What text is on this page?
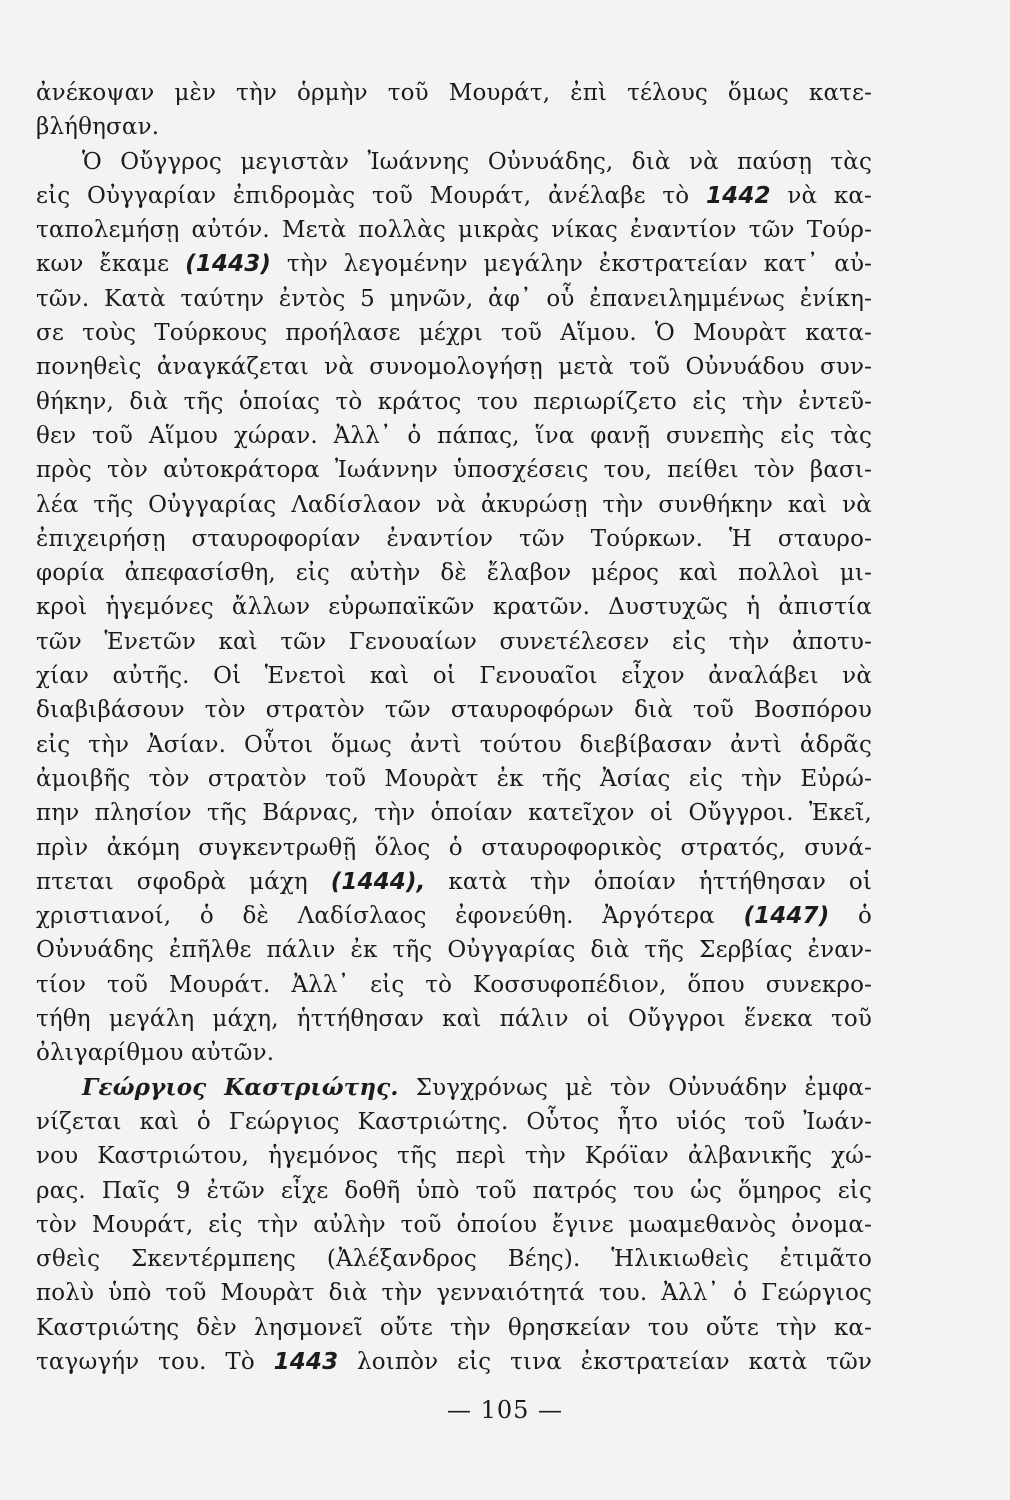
ἀνέκοψαν μὲν τὴν ὁρμὴν τοῦ Μουράτ, ἐπὶ τέλους ὅμως κατε-
βλήθησαν.
Ὁ Οὔγγρος μεγιστὰν Ἰωάννης Οὐνυάδης, διὰ νὰ παύσῃ τὰς
εἰς Οὐγγαρίαν ἐπιδρομὰς τοῦ Μουράτ, ἀνέλαβε τὸ 1442 νὰ κα-
ταπολεμήσῃ αὐτόν. Μετὰ πολλὰς μικρὰς νίκας ἐναντίον τῶν Τούρ-
κων ἔκαμε (1443) τὴν λεγομένην μεγάλην ἐκστρατείαν κατ᾽ αὐ-
τῶν. Κατὰ ταύτην ἐντὸς 5 μηνῶν, ἀφ᾽ οὗ ἐπανειλημμένως ἐνίκη-
σε τοὺς Τούρκους προήλασε μέχρι τοῦ Αἵμου. Ὁ Μουρὰτ κατα-
πονηθεὶς ἀναγκάζεται νὰ συνομολογήσῃ μετὰ τοῦ Οὐνυάδου συν-
θήκην, διὰ τῆς ὁποίας τὸ κράτος του περιωρίζετο εἰς τὴν ἐντεῦ-
θεν τοῦ Αἵμου χώραν. Ἀλλ᾽ ὁ πάπας, ἵνα φανῇ συνεπὴς εἰς τὰς
πρὸς τὸν αὐτοκράτορα Ἰωάννην ὑποσχέσεις του, πείθει τὸν βασι-
λέα τῆς Οὐγγαρίας Λαδίσλαον νὰ ἀκυρώσῃ τὴν συνθήκην καὶ νὰ
ἐπιχειρήσῃ σταυροφορίαν ἐναντίον τῶν Τούρκων. Ἡ σταυρο-
φορία ἀπεφασίσθη, εἰς αὐτὴν δὲ ἔλαβον μέρος καὶ πολλοὶ μι-
κροὶ ἡγεμόνες ἄλλων εὐρωπαϊκῶν κρατῶν. Δυστυχῶς ἡ ἀπιστία
τῶν Ἑνετῶν καὶ τῶν Γενουαίων συνετέλεσεν εἰς τὴν ἀποτυ-
χίαν αὐτῆς. Οἱ Ἑνετοὶ καὶ οἱ Γενουαῖοι εἶχον ἀναλάβει νὰ
διαβιβάσουν τὸν στρατὸν τῶν σταυροφόρων διὰ τοῦ Βοσπόρου
εἰς τὴν Ἀσίαν. Οὗτοι ὅμως ἀντὶ τούτου διεβίβασαν ἀντὶ ἁδρᾶς
ἀμοιβῆς τὸν στρατὸν τοῦ Μουρὰτ ἐκ τῆς Ἀσίας εἰς τὴν Εὐρώ-
πην πλησίον τῆς Βάρνας, τὴν ὁποίαν κατεῖχον οἱ Οὔγγροι. Ἐκεῖ,
πρὶν ἀκόμη συγκεντρωθῇ ὅλος ὁ σταυροφορικὸς στρατός, συνά-
πτεται σφοδρὰ μάχη (1444), κατὰ τὴν ὁποίαν ἡττήθησαν οἱ
χριστιανοί, ὁ δὲ Λαδίσλαος ἐφονεύθη. Ἀργότερα (1447) ὁ
Οὐνυάδης ἐπῆλθε πάλιν ἐκ τῆς Οὐγγαρίας διὰ τῆς Σερβίας ἐναν-
τίον τοῦ Μουράτ. Ἀλλ᾽ εἰς τὸ Κοσσυφοπέδιον, ὅπου συνεκρο-
τήθη μεγάλη μάχη, ἡττήθησαν καὶ πάλιν οἱ Οὔγγροι ἕνεκα τοῦ
ὀλιγαρίθμου αὐτῶν.
Γεώργιος Καστριώτης. Συγχρόνως μὲ τὸν Οὐνυάδην ἐμφα-
νίζεται καὶ ὁ Γεώργιος Καστριώτης. Οὗτος ἦτο υἱός τοῦ Ἰωάν-
νου Καστριώτου, ἡγεμόνος τῆς περὶ τὴν Κρόϊαν ἀλβανικῆς χώ-
ρας. Παῖς 9 ἐτῶν εἶχε δοθῆ ὑπὸ τοῦ πατρός του ὡς ὅμηρος εἰς
τὸν Μουράτ, εἰς τὴν αὐλὴν τοῦ ὁποίου ἔγινε μωαμεθανὸς ὀνομα-
σθεὶς Σκεντέρμπεης (Ἀλέξανδρος Βέης). Ἡλικιωθεὶς ἐτιμᾶτο
πολὺ ὑπὸ τοῦ Μουρὰτ διὰ τὴν γενναιότητά του. Ἀλλ᾽ ὁ Γεώργιος
Καστριώτης δὲν λησμονεῖ οὔτε τὴν θρησκείαν του οὔτε τὴν κα-
ταγωγήν του. Τὸ 1443 λοιπὸν εἰς τινα ἐκστρατείαν κατὰ τῶν
— 105 —
